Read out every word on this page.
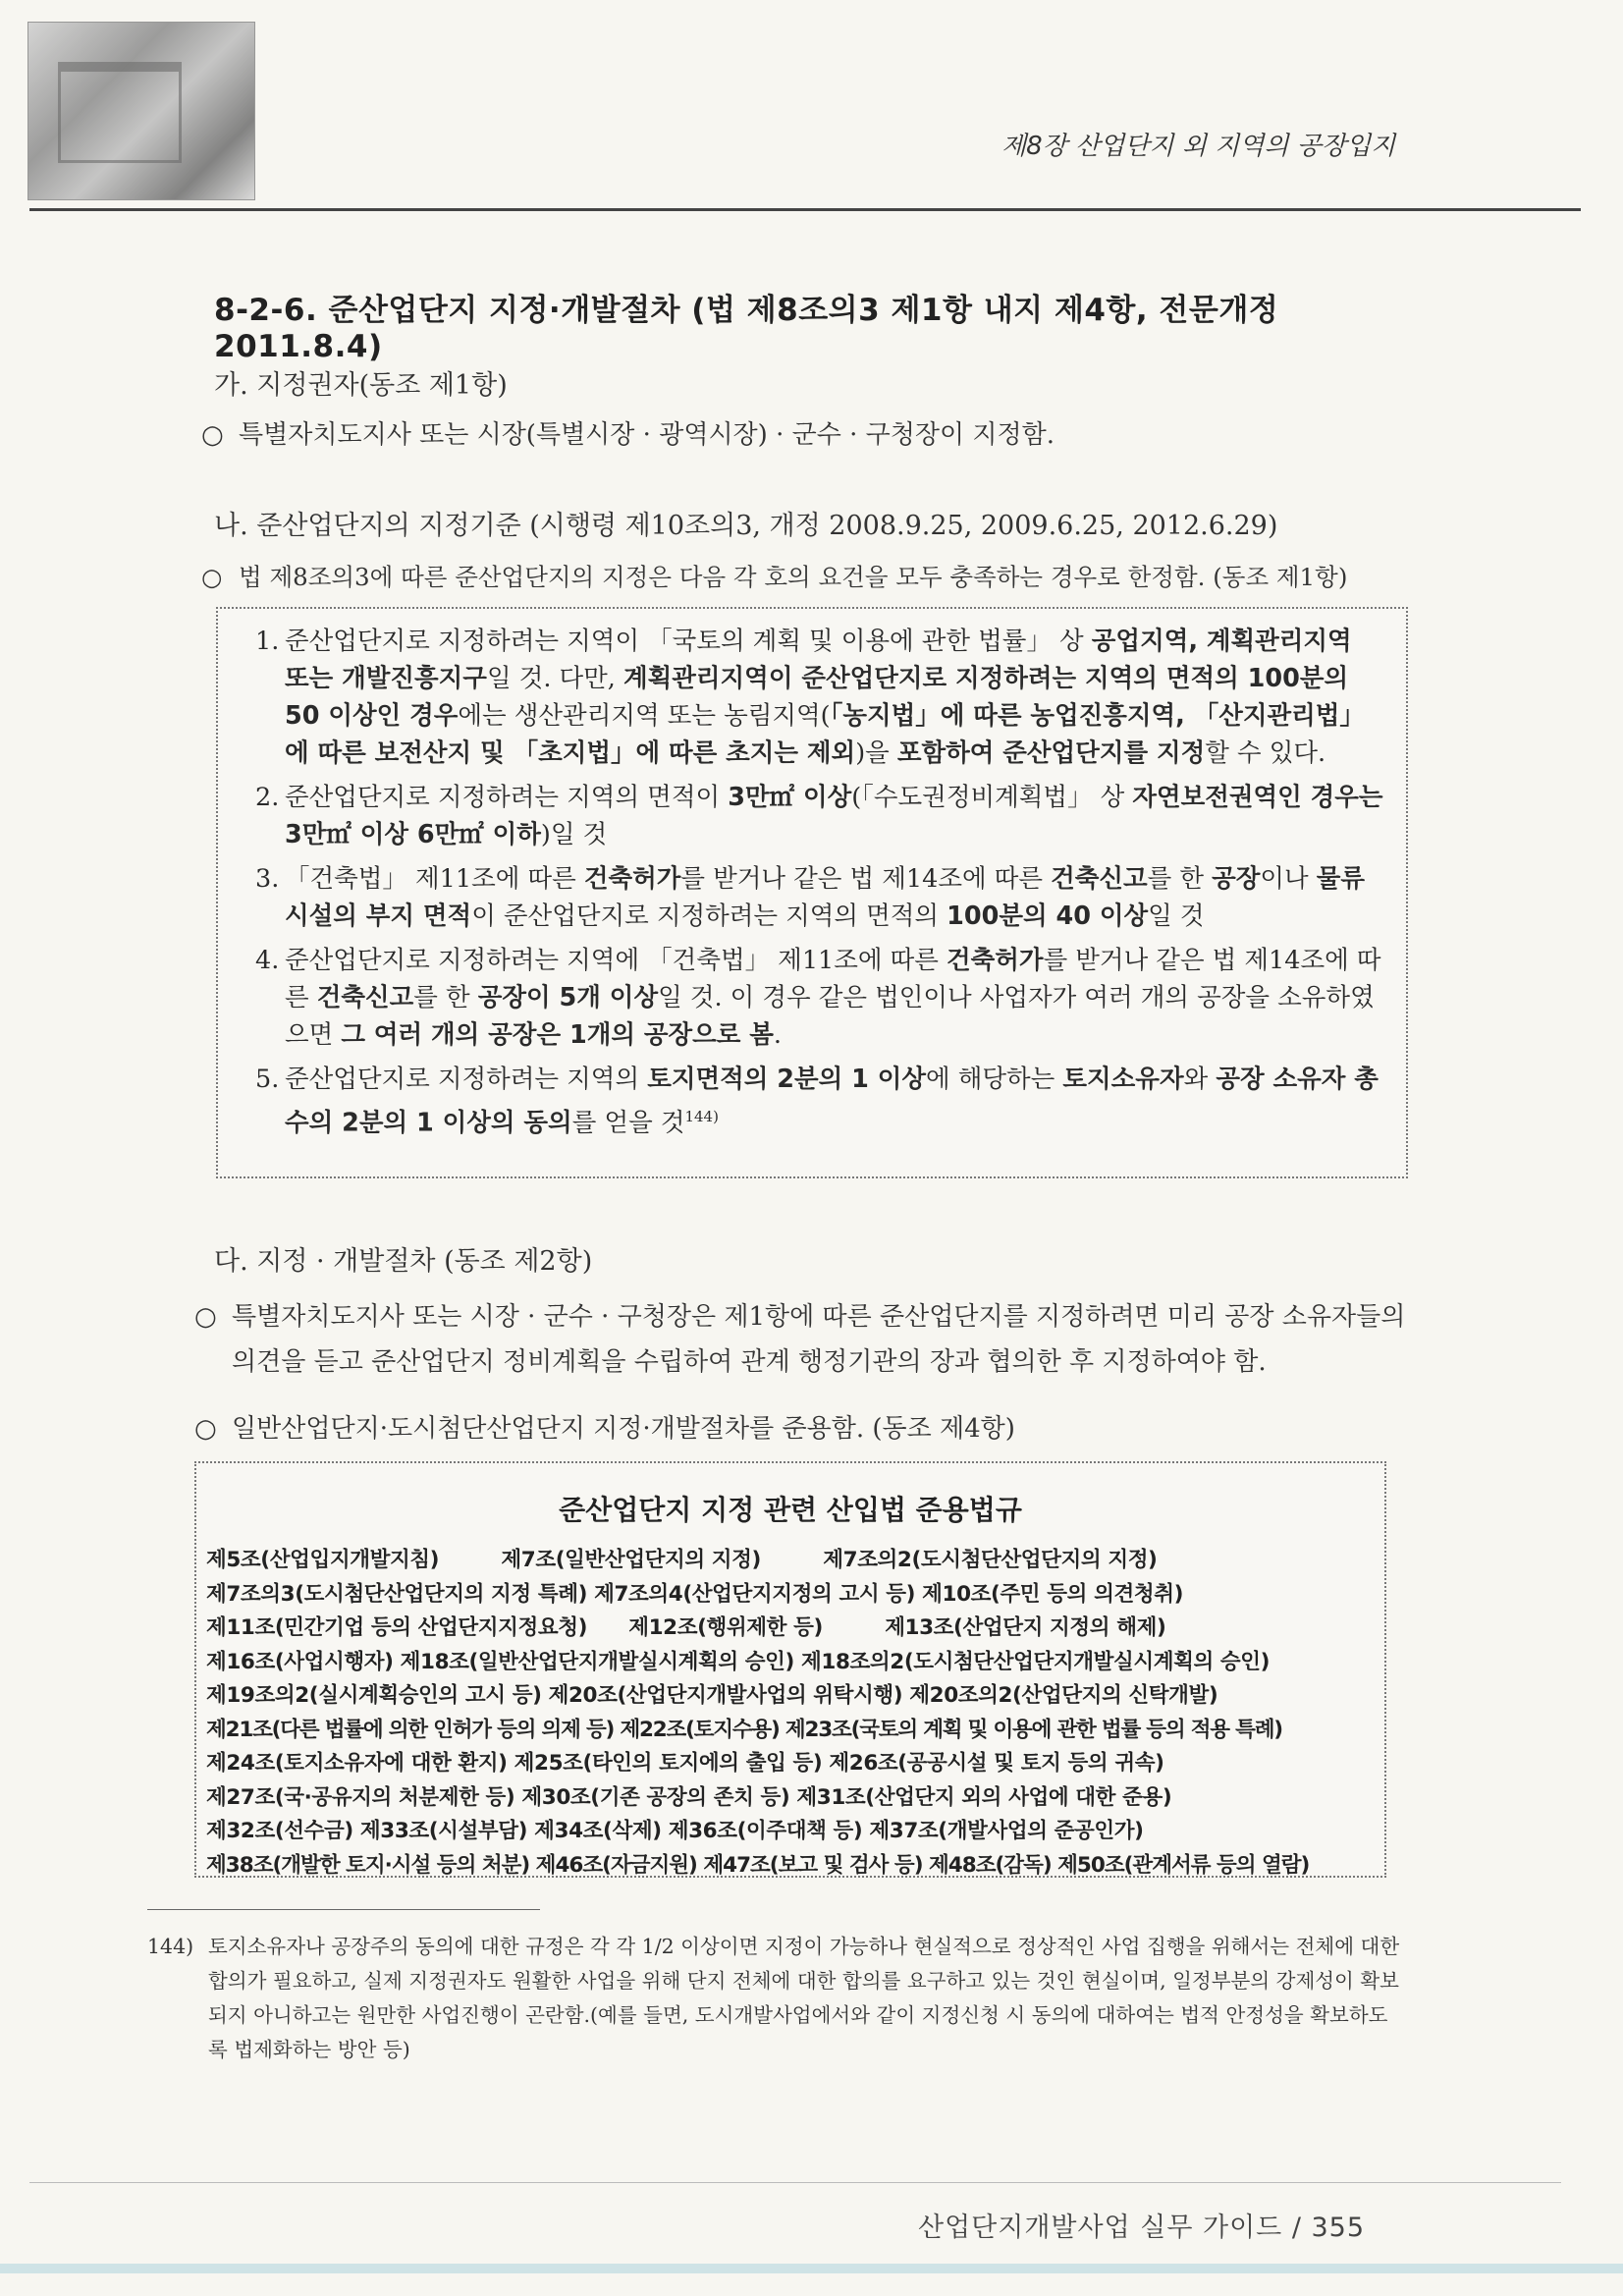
제8장 산업단지 외 지역의 공장입지
8-2-6. 준산업단지 지정·개발절차 (법 제8조의3 제1항 내지 제4항, 전문개정 2011.8.4)
가. 지정권자(동조 제1항)
○ 특별자치도지사 또는 시장(특별시장 · 광역시장) · 군수 · 구청장이 지정함.
나. 준산업단지의 지정기준 (시행령 제10조의3, 개정 2008.9.25, 2009.6.25, 2012.6.29)
○ 법 제8조의3에 따른 준산업단지의 지정은 다음 각 호의 요건을 모두 충족하는 경우로 한정함. (동조 제1항)
1. 준산업단지로 지정하려는 지역이 「국토의 계획 및 이용에 관한 법률」 상 공업지역, 계획관리지역 또는 개발진흥지구일 것. 다만, 계획관리지역이 준산업단지로 지정하려는 지역의 면적의 100분의 50 이상인 경우에는 생산관리지역 또는 농림지역(「농지법」에 따른 농업진흥지역, 「산지관리법」에 따른 보전산지 및 「초지법」에 따른 초지는 제외)을 포함하여 준산업단지를 지정할 수 있다.
2. 준산업단지로 지정하려는 지역의 면적이 3만㎡ 이상(「수도권정비계획법」 상 자연보전권역인 경우는 3만㎡ 이상 6만㎡ 이하)일 것
3. 「건축법」 제11조에 따른 건축허가를 받거나 같은 법 제14조에 따른 건축신고를 한 공장이나 물류시설의 부지 면적이 준산업단지로 지정하려는 지역의 면적의 100분의 40 이상일 것
4. 준산업단지로 지정하려는 지역에 「건축법」 제11조에 따른 건축허가를 받거나 같은 법 제14조에 따른 건축신고를 한 공장이 5개 이상일 것. 이 경우 같은 법인이나 사업자가 여러 개의 공장을 소유하였으면 그 여러 개의 공장은 1개의 공장으로 봄.
5. 준산업단지로 지정하려는 지역의 토지면적의 2분의 1 이상에 해당하는 토지소유자와 공장 소유자 총수의 2분의 1 이상의 동의를 얻을 것$^{144)}$
다. 지정 · 개발절차 (동조 제2항)
○ 특별자치도지사 또는 시장 · 군수 · 구청장은 제1항에 따른 준산업단지를 지정하려면 미리 공장 소유자들의 의견을 듣고 준산업단지 정비계획을 수립하여 관계 행정기관의 장과 협의한 후 지정하여야 함.
○ 일반산업단지·도시첨단산업단지 지정·개발절차를 준용함. (동조 제4항)
준산업단지 지정 관련 산입법 준용법규
제5조(산업입지개발지침)　　　제7조(일반산업단지의 지정)　　　제7조의2(도시첨단산업단지의 지정)
제7조의3(도시첨단산업단지의 지정 특례) 제7조의4(산업단지지정의 고시 등) 제10조(주민 등의 의견청취)
제11조(민간기업 등의 산업단지지정요청)　　제12조(행위제한 등)　　　제13조(산업단지 지정의 해제)
제16조(사업시행자) 제18조(일반산업단지개발실시계획의 승인) 제18조의2(도시첨단산업단지개발실시계획의 승인)
제19조의2(실시계획승인의 고시 등) 제20조(산업단지개발사업의 위탁시행) 제20조의2(산업단지의 신탁개발)
제21조(다른 법률에 의한 인허가 등의 의제 등) 제22조(토지수용) 제23조(국토의 계획 및 이용에 관한 법률 등의 적용 특례)
제24조(토지소유자에 대한 환지) 제25조(타인의 토지에의 출입 등) 제26조(공공시설 및 토지 등의 귀속)
제27조(국·공유지의 처분제한 등) 제30조(기존 공장의 존치 등) 제31조(산업단지 외의 사업에 대한 준용)
제32조(선수금) 제33조(시설부담) 제34조(삭제) 제36조(이주대책 등) 제37조(개발사업의 준공인가)
제38조(개발한 토지·시설 등의 처분) 제46조(자금지원) 제47조(보고 및 검사 등) 제48조(감독) 제50조(관계서류 등의 열람)
144) 토지소유자나 공장주의 동의에 대한 규정은 각 각 1/2 이상이면 지정이 가능하나 현실적으로 정상적인 사업 집행을 위해서는 전체에 대한 합의가 필요하고, 실제 지정권자도 원활한 사업을 위해 단지 전체에 대한 합의를 요구하고 있는 것인 현실이며, 일정부분의 강제성이 확보되지 아니하고는 원만한 사업진행이 곤란함.(예를 들면, 도시개발사업에서와 같이 지정신청 시 동의에 대하여는 법적 안정성을 확보하도록 법제화하는 방안 등)
산업단지개발사업 실무 가이드 / 355
